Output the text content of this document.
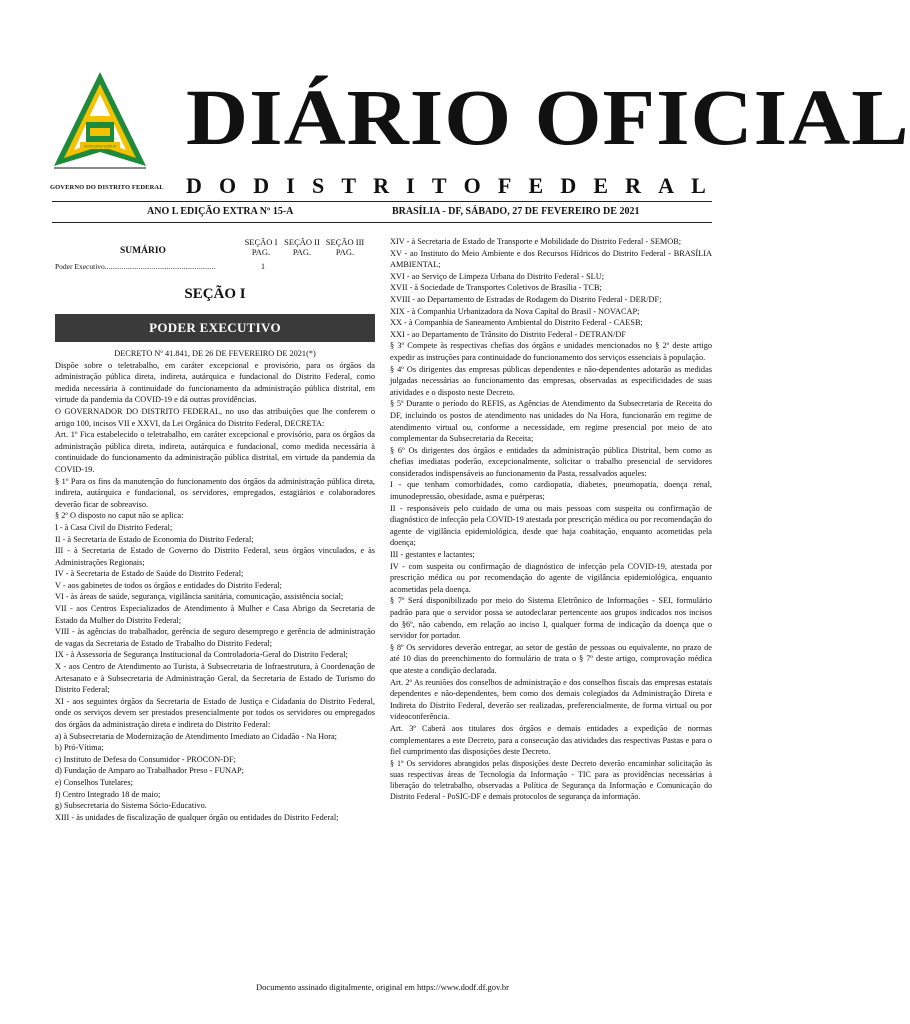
BRASÍLIA
VENTURIS VENTIS
GOVERNO DO DISTRITO FEDERAL
DIÁRIO OFICIAL
D O D I S T R I T O F E D E R A L
ANO L EDIÇÃO EXTRA Nº 15-A	BRASÍLIA - DF, SÁBADO, 27 DE FEVEREIRO DE 2021
SUMÁRIO
SEÇÃO I
PAG.
SEÇÃO II
PAG.
SEÇÃO III
PAG.
Poder Executivo...........................................................	1
SEÇÃO I
PODER EXECUTIVO

DECRETO Nº 41.841, DE 26 DE FEVEREIRO DE 2021(*)

Dispõe sobre o teletrabalho, em caráter excepcional e provisório, para os órgãos da administração pública direta, indireta, autárquica e fundacional do Distrito Federal, como medida necessária à continuidade do funcionamento da administração pública distrital, em virtude da pandemia da COVID-19 e dá outras providências.

O GOVERNADOR DO DISTRITO FEDERAL, no uso das atribuições que lhe conferem o artigo 100, incisos VII e XXVI, da Lei Orgânica do Distrito Federal, DECRETA:

Art. 1º Fica estabelecido o teletrabalho, em caráter excepcional e provisório, para os órgãos da administração pública direta, indireta, autárquica e fundacional, como medida necessária à continuidade do funcionamento da administração pública distrital, em virtude da pandemia da COVID-19.

§ 1º Para os fins da manutenção do funcionamento dos órgãos da administração pública direta, indireta, autárquica e fundacional, os servidores, empregados, estagiários e colaboradores deverão ficar de sobreaviso.

§ 2º O disposto no caput não se aplica:

I - à Casa Civil do Distrito Federal;

II - à Secretaria de Estado de Economia do Distrito Federal;

III - à Secretaria de Estado de Governo do Distrito Federal, seus órgãos vinculados, e às Administrações Regionais;

IV - à Secretaria de Estado de Saúde do Distrito Federal;

V - aos gabinetes de todos os órgãos e entidades do Distrito Federal;

VI - às áreas de saúde, segurança, vigilância sanitária, comunicação, assistência social;

VII - aos Centros Especializados de Atendimento à Mulher e Casa Abrigo da Secretaria de Estado da Mulher do Distrito Federal;

VIII - às agências do trabalhador, gerência de seguro desemprego e gerência de administração de vagas da Secretaria de Estado de Trabalho do Distrito Federal;

IX - à Assessoria de Segurança Institucional da Controladoria-Geral do Distrito Federal;

X - aos Centro de Atendimento ao Turista, à Subsecretaria de Infraestrutura, à Coordenação de Artesanato e à Subsecretaria de Administração Geral, da Secretaria de Estado de Turismo do Distrito Federal;

XI - aos seguintes órgãos da Secretaria de Estado de Justiça e Cidadania do Distrito Federal, onde os serviços devem ser prestados presencialmente por todos os servidores ou empregados dos órgãos da administração direta e indireta do Distrito Federal:

a) à Subsecretaria de Modernização de Atendimento Imediato ao Cidadão - Na Hora;

b) Pró-Vítima;

c) Instituto de Defesa do Consumidor - PROCON-DF;

d) Fundação de Amparo ao Trabalhador Preso - FUNAP;

e) Conselhos Tutelares;

f) Centro Integrado 18 de maio;

g) Subsecretaria do Sistema Sócio-Educativo.

XIII - às unidades de fiscalização de qualquer órgão ou entidades do Distrito Federal;

XIV - à Secretaria de Estado de Transporte e Mobilidade do Distrito Federal - SEMOB;

XV - ao Instituto do Meio Ambiente e dos Recursos Hídricos do Distrito Federal - BRASÍLIA AMBIENTAL;

XVI - ao Serviço de Limpeza Urbana do Distrito Federal - SLU;

XVII - à Sociedade de Transportes Coletivos de Brasília - TCB;

XVIII - ao Departamento de Estradas de Rodagem do Distrito Federal - DER/DF;

XIX - à Companhia Urbanizadora da Nova Capital do Brasil - NOVACAP;

XX - à Companhia de Saneamento Ambiental do Distrito Federal - CAESB;

XXI - ao Departamento de Trânsito do Distrito Federal - DETRAN/DF

§ 3º Compete às respectivas chefias dos órgãos e unidades mencionados no § 2º deste artigo expedir as instruções para continuidade do funcionamento dos serviços essenciais à população.

§ 4º Os dirigentes das empresas públicas dependentes e não-dependentes adotarão as medidas julgadas necessárias ao funcionamento das empresas, observadas as especificidades de suas atividades e o disposto neste Decreto.

§ 5º Durante o período do REFIS, as Agências de Atendimento da Subsecretaria de Receita do DF, incluindo os postos de atendimento nas unidades do Na Hora, funcionarão em regime de atendimento virtual ou, conforme a necessidade, em regime presencial por meio de ato complementar da Subsecretaria da Receita;

§ 6º Os dirigentes dos órgãos e entidades da administração pública Distrital, bem como as chefias imediatas poderão, excepcionalmente, solicitar o trabalho presencial de servidores considerados indispensáveis ao funcionamento da Pasta, ressalvados aqueles:

I - que tenham comorbidades, como cardiopatia, diabetes, pneumopatia, doença renal, imunodepressão, obesidade, asma e puérperas;

II - responsáveis pelo cuidado de uma ou mais pessoas com suspeita ou confirmação de diagnóstico de infecção pela COVID-19 atestada por prescrição médica ou por recomendação do agente de vigilância epidemiológica, desde que haja coabitação, enquanto acometidas pela doença;

III - gestantes e lactantes;

IV - com suspeita ou confirmação de diagnóstico de infecção pela COVID-19, atestada por prescrição médica ou por recomendação do agente de vigilância epidemiológica, enquanto acometidas pela doença.

§ 7º Será disponibilizado por meio do Sistema Eletrônico de Informações - SEI, formulário padrão para que o servidor possa se autodeclarar pertencente aos grupos indicados nos incisos do §6º, não cabendo, em relação ao inciso I, qualquer forma de indicação da doença que o servidor for portador.

§ 8º Os servidores deverão entregar, ao setor de gestão de pessoas ou equivalente, no prazo de até 10 dias do preenchimento do formulário de trata o § 7º deste artigo, comprovação médica que ateste a condição declarada.

Art. 2º As reuniões dos conselhos de administração e dos conselhos fiscais das empresas estatais dependentes e não-dependentes, bem como dos demais colegiados da Administração Direta e Indireta do Distrito Federal, deverão ser realizadas, preferencialmente, de forma virtual ou por videoconferência.

Art. 3º Caberá aos titulares dos órgãos e demais entidades a expedição de normas complementares a este Decreto, para a consecução das atividades das respectivas Pastas e para o fiel cumprimento das disposições deste Decreto.

§ 1º Os servidores abrangidos pelas disposições deste Decreto deverão encaminhar solicitação às suas respectivas áreas de Tecnologia da Informação - TIC para as providências necessárias à liberação do teletrabalho, observadas a Política de Segurança da Informação e Comunicação do Distrito Federal - PoSIC-DF e demais protocolos de segurança da informação.

Documento assinado digitalmente, original em https://www.dodf.df.gov.br
